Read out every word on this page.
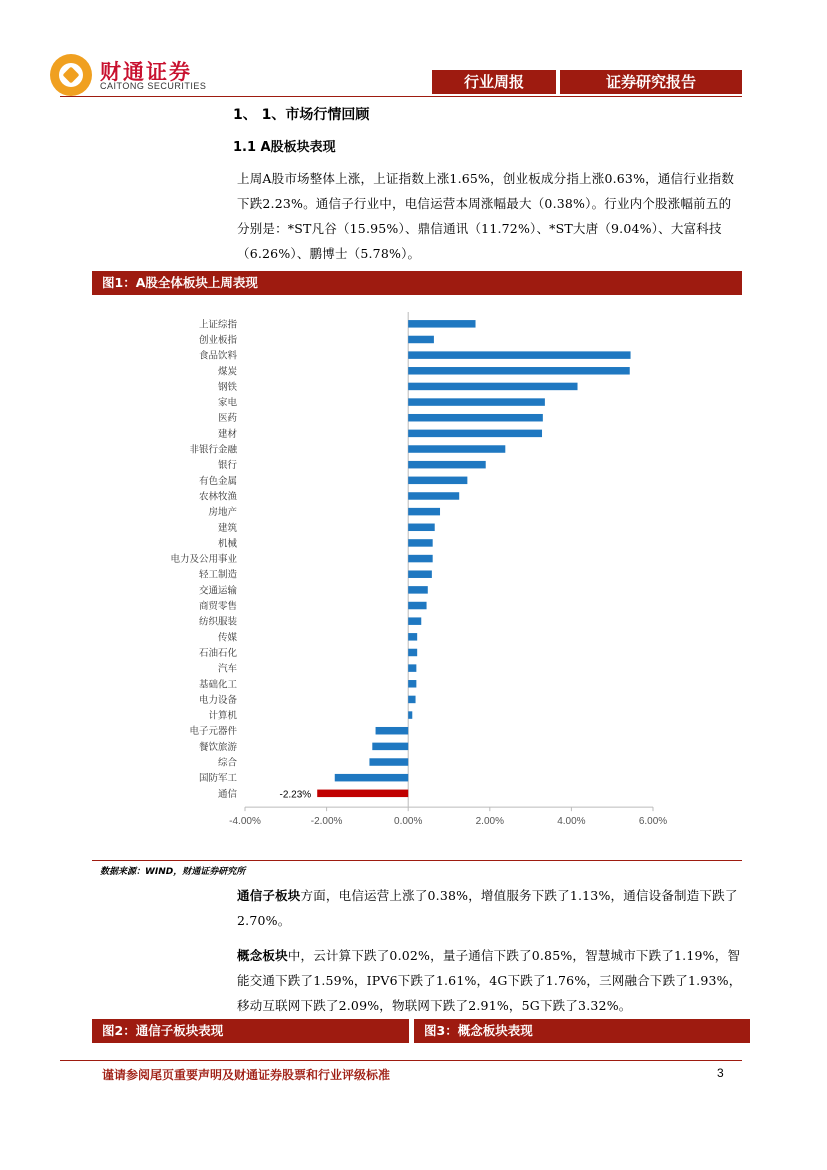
财通证券
CAITONG SECURITIES	行业周报	证券研究报告
1、 1、市场行情回顾
1.1 A股板块表现
上周A股市场整体上涨，上证指数上涨1.65%，创业板成分指上涨0.63%，通信行业指数下跌2.23%。通信子行业中，电信运营本周涨幅最大（0.38%）。行业内个股涨幅前五的分别是：*ST凡谷（15.95%）、鼎信通讯（11.72%）、*ST大唐（9.04%）、大富科技（6.26%）、鹏博士（5.78%）。
图1：A股全体板块上周表现
上证综指
创业板指
食品饮料
煤炭
钢铁
家电
医药
建材
非银行金融
银行
有色金属
农林牧渔
房地产
建筑
机械
电力及公用事业
轻工制造
交通运输
商贸零售
纺织服装
传媒
石油石化
汽车
基础化工
电力设备
计算机
电子元器件
餐饮旅游
综合
国防军工
通信	-2.23%
-4.00%	-2.00%	0.00%	2.00%	4.00%	6.00%
数据来源：WIND，财通证券研究所
通信子板块方面，电信运营上涨了0.38%，增值服务下跌了1.13%，通信设备制造下跌了2.70%。
概念板块中，云计算下跌了0.02%，量子通信下跌了0.85%，智慧城市下跌了1.19%，智能交通下跌了1.59%，IPV6下跌了1.61%，4G下跌了1.76%，三网融合下跌了1.93%，移动互联网下跌了2.09%，物联网下跌了2.91%，5G下跌了3.32%。
图2：通信子板块表现	图3：概念板块表现
谨请参阅尾页重要声明及财通证券股票和行业评级标准	3
